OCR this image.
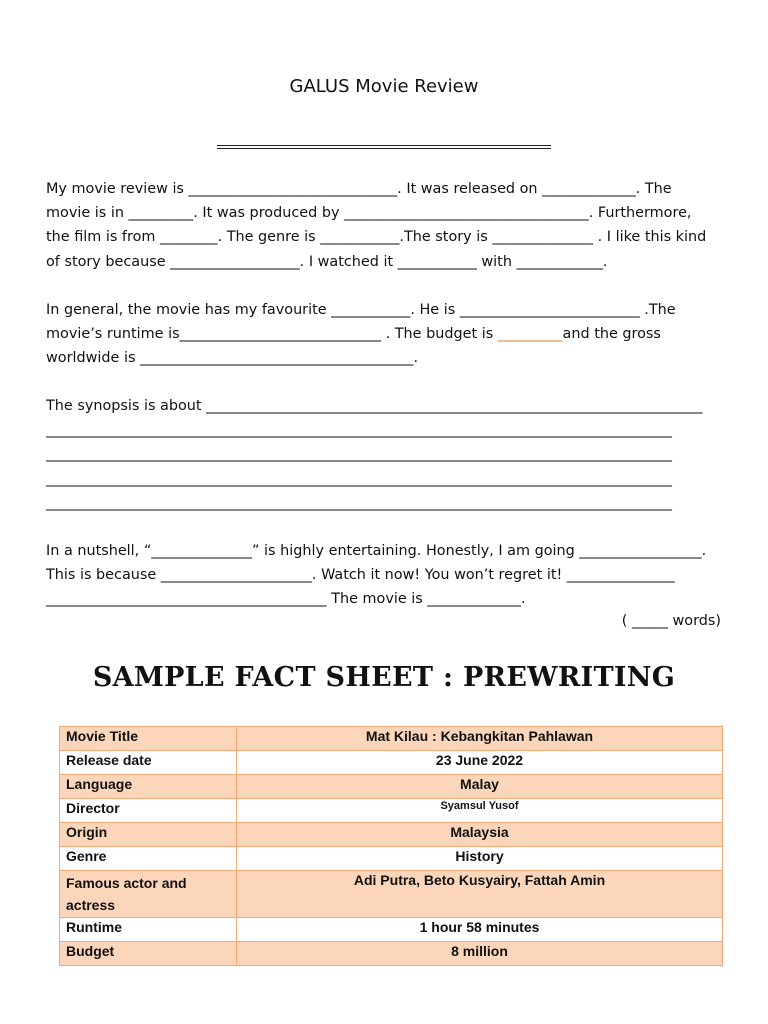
GALUS Movie Review
My movie review is _____________________________. It was released on _____________. The
movie is in _________. It was produced by __________________________________. Furthermore,
the film is from ________. The genre is ___________.The story is ______________ . I like this kind
of story because __________________. I watched it ___________ with ____________.
In general, the movie has my favourite ___________. He is _________________________ .The
movie’s runtime is____________________________ . The budget is _________and the gross
worldwide is ______________________________________.
The synopsis is about _____________________________________________________________________
_______________________________________________________________________________________
_______________________________________________________________________________________
_______________________________________________________________________________________
_______________________________________________________________________________________
In a nutshell, “______________” is highly entertaining. Honestly, I am going _________________.
This is because _____________________. Watch it now! You won’t regret it! _______________
_______________________________________ The movie is _____________.
( _____ words)
SAMPLE FACT SHEET : PREWRITING
Movie Title	Mat Kilau : Kebangkitan Pahlawan
Release date	23 June 2022
Language	Malay
Director	Syamsul Yusof
Origin	Malaysia
Genre	History
Famous actor and actress	Adi Putra, Beto Kusyairy, Fattah Amin
Runtime	1 hour 58 minutes
Budget	8 million
